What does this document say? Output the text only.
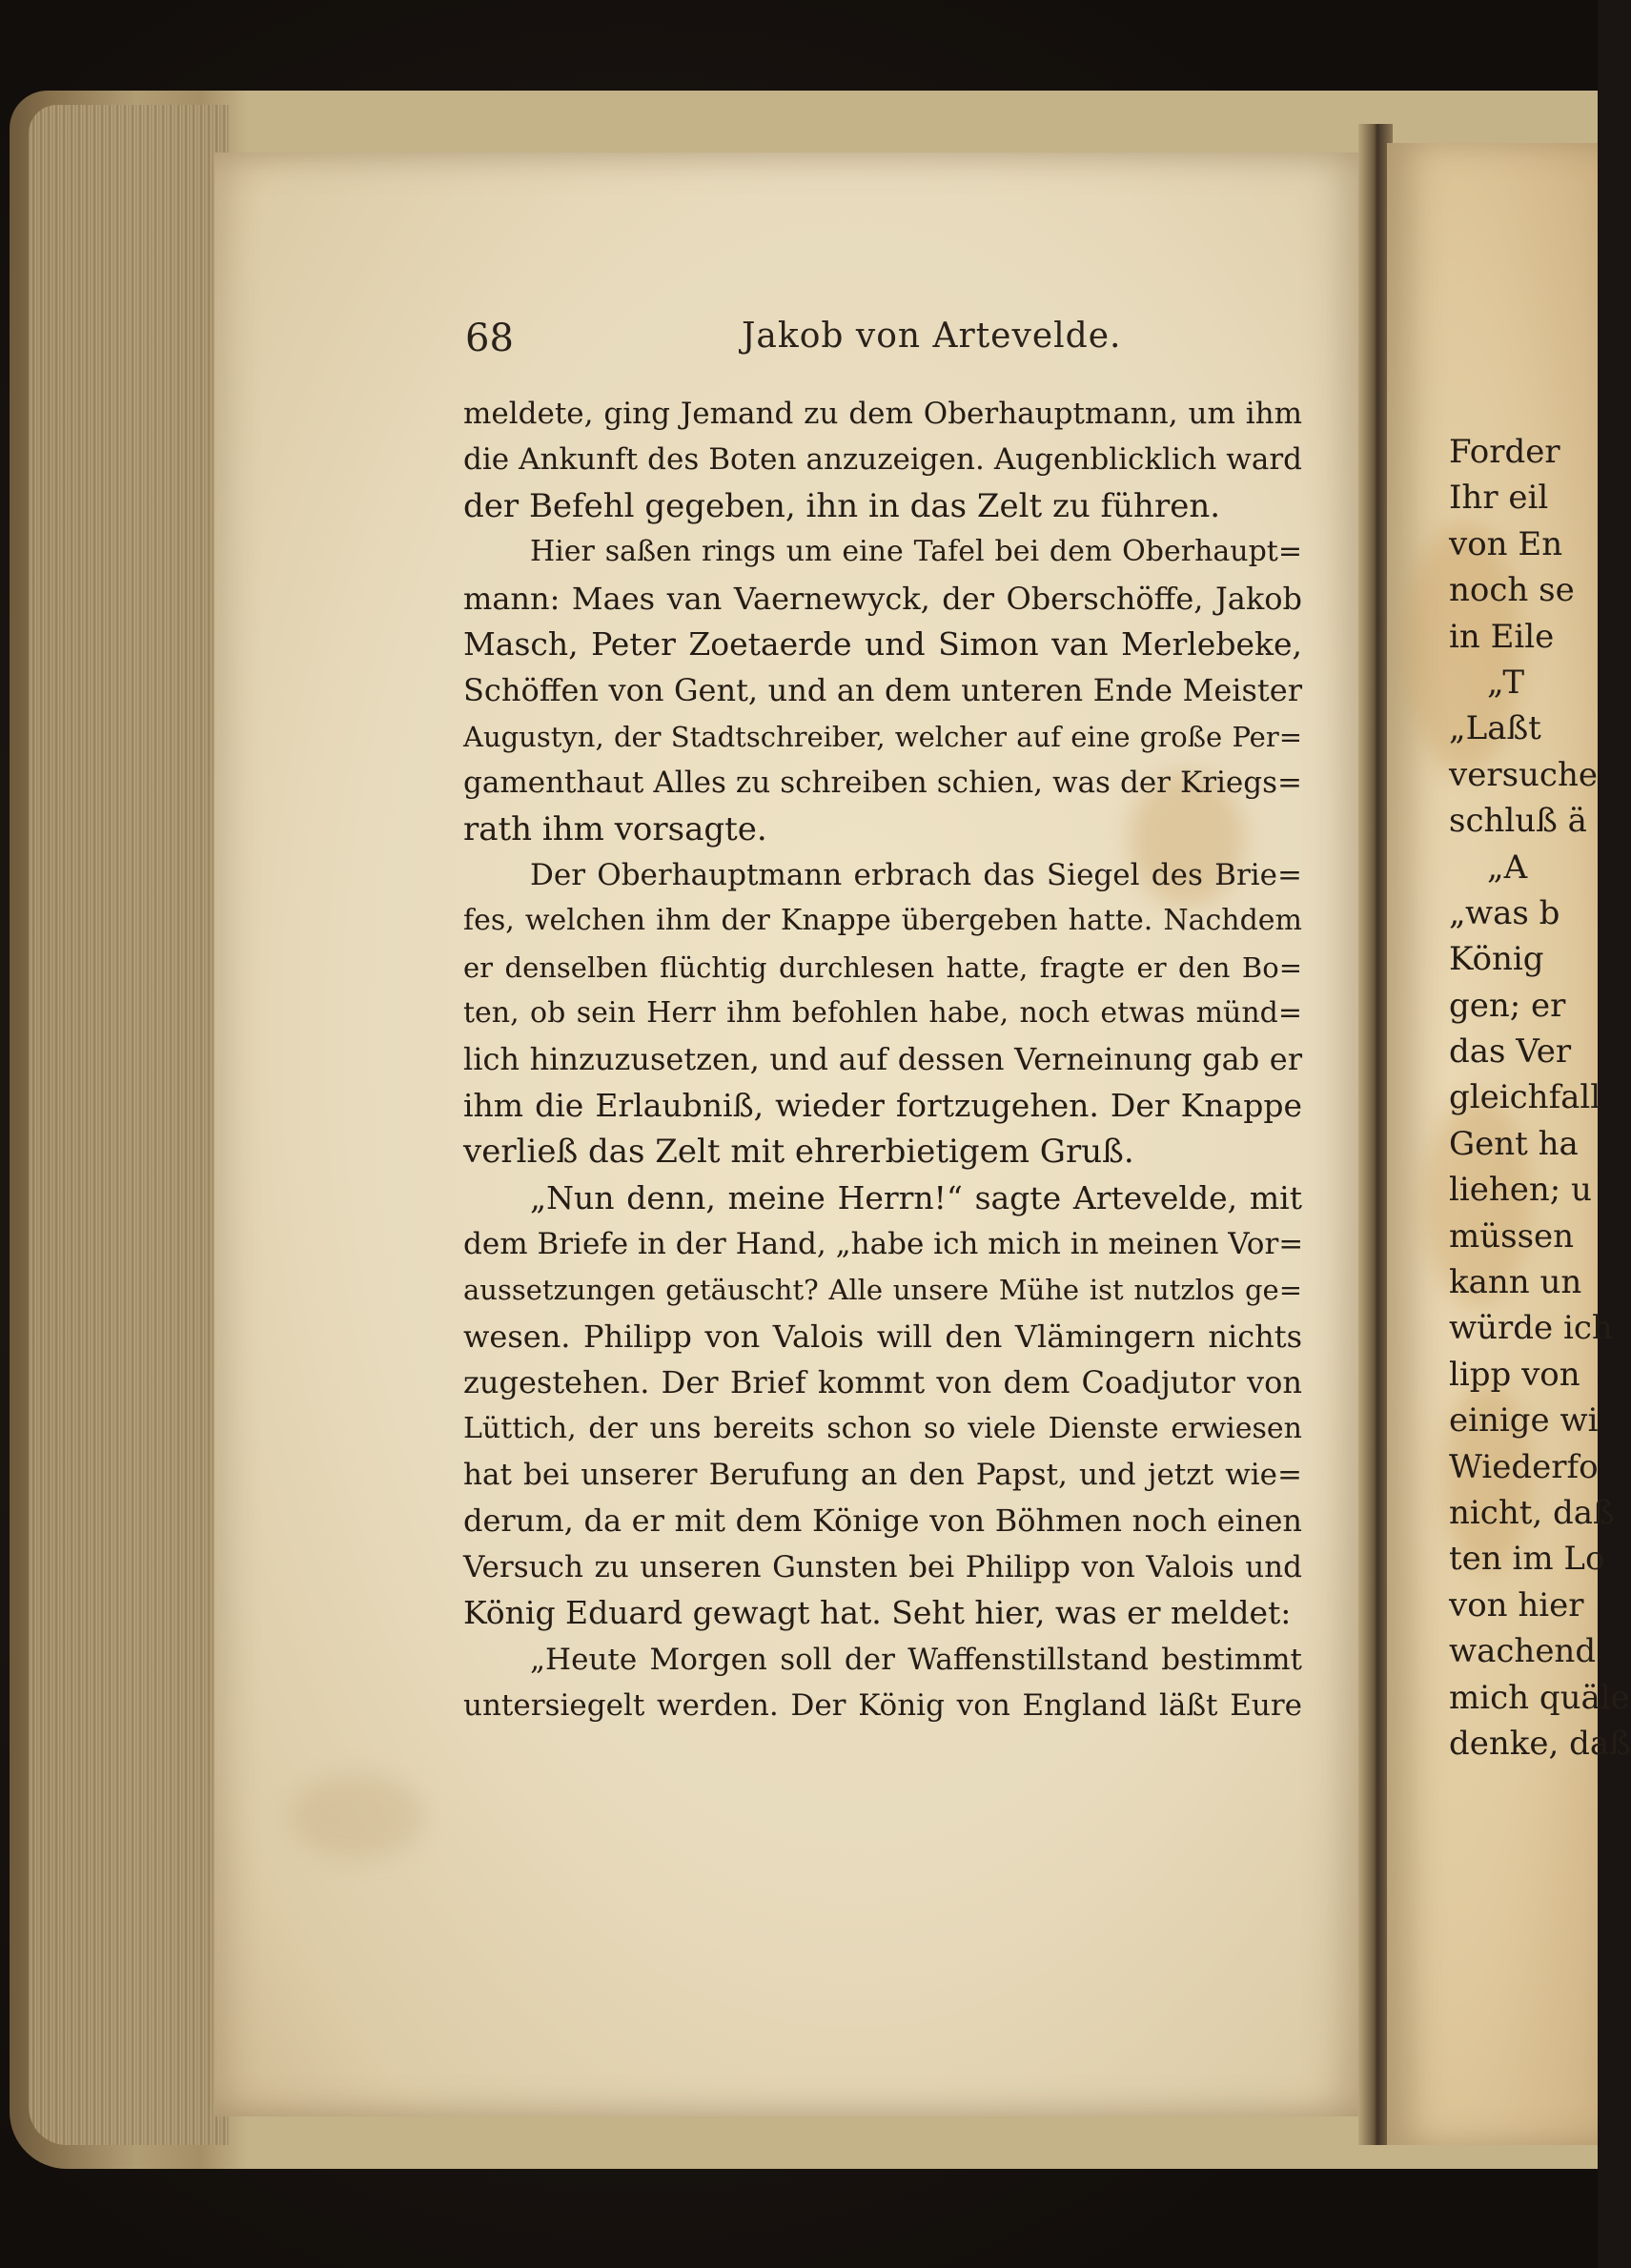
68	Jakob von Artevelde.
meldete, ging Jemand zu dem Oberhauptmann, um ihm
die Ankunft des Boten anzuzeigen. Augenblicklich ward
der Befehl gegeben, ihn in das Zelt zu führen.
Hier saßen rings um eine Tafel bei dem Oberhaupt=
mann: Maes van Vaernewyck, der Oberschöffe, Jakob
Masch, Peter Zoetaerde und Simon van Merlebeke,
Schöffen von Gent, und an dem unteren Ende Meister
Augustyn, der Stadtschreiber, welcher auf eine große Per=
gamenthaut Alles zu schreiben schien, was der Kriegs=
rath ihm vorsagte.
Der Oberhauptmann erbrach das Siegel des Brie=
fes, welchen ihm der Knappe übergeben hatte. Nachdem
er denselben flüchtig durchlesen hatte, fragte er den Bo=
ten, ob sein Herr ihm befohlen habe, noch etwas münd=
lich hinzuzusetzen, und auf dessen Verneinung gab er
ihm die Erlaubniß, wieder fortzugehen. Der Knappe
verließ das Zelt mit ehrerbietigem Gruß.
„Nun denn, meine Herrn!“ sagte Artevelde, mit
dem Briefe in der Hand, „habe ich mich in meinen Vor=
aussetzungen getäuscht? Alle unsere Mühe ist nutzlos ge=
wesen. Philipp von Valois will den Vlämingern nichts
zugestehen. Der Brief kommt von dem Coadjutor von
Lüttich, der uns bereits schon so viele Dienste erwiesen
hat bei unserer Berufung an den Papst, und jetzt wie=
derum, da er mit dem Könige von Böhmen noch einen
Versuch zu unseren Gunsten bei Philipp von Valois und
König Eduard gewagt hat. Seht hier, was er meldet:
„Heute Morgen soll der Waffenstillstand bestimmt
untersiegelt werden. Der König von England läßt Eure
Forder
Ihr eil
von En
noch se
in Eile
„T
„Laßt
versuche
schluß ä
„A
„was b
König
gen; er
das Ver
gleichfall
Gent ha
liehen; u
müssen
kann un
würde ich
lipp von
einige wi
Wiederfo
nicht, daß
ten im Lo
von hier
wachend
mich quäle
denke, daß
